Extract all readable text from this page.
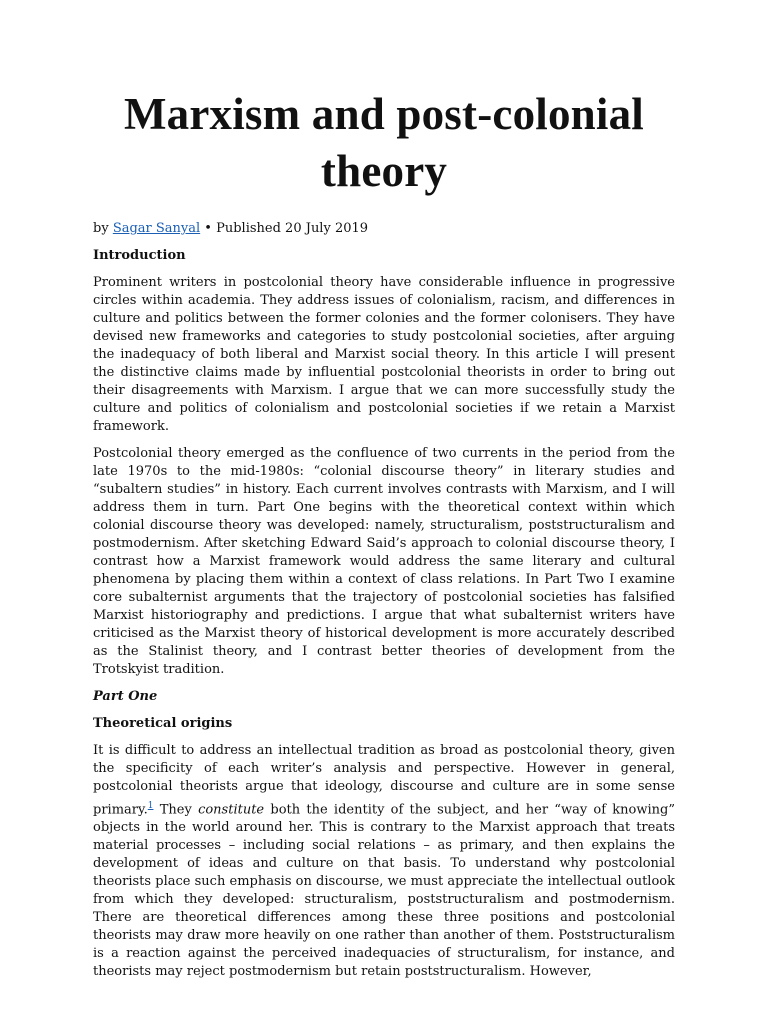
Marxism and post-colonial theory
by Sagar Sanyal • Published 20 July 2019
Introduction

Prominent writers in postcolonial theory have considerable influence in progressive circles within academia. They address issues of colonialism, racism, and differences in culture and politics between the former colonies and the former colonisers. They have devised new frameworks and categories to study postcolonial societies, after arguing the inadequacy of both liberal and Marxist social theory. In this article I will present the distinctive claims made by influential postcolonial theorists in order to bring out their disagreements with Marxism. I argue that we can more successfully study the culture and politics of colonialism and postcolonial societies if we retain a Marxist framework.

Postcolonial theory emerged as the confluence of two currents in the period from the late 1970s to the mid-1980s: “colonial discourse theory” in literary studies and “subaltern studies” in history. Each current involves contrasts with Marxism, and I will address them in turn. Part One begins with the theoretical context within which colonial discourse theory was developed: namely, structuralism, poststructuralism and postmodernism. After sketching Edward Said’s approach to colonial discourse theory, I contrast how a Marxist framework would address the same literary and cultural phenomena by placing them within a context of class relations. In Part Two I examine core subalternist arguments that the trajectory of postcolonial societies has falsified Marxist historiography and predictions. I argue that what subalternist writers have criticised as the Marxist theory of historical development is more accurately described as the Stalinist theory, and I contrast better theories of development from the Trotskyist tradition.

Part One
Theoretical origins

It is difficult to address an intellectual tradition as broad as postcolonial theory, given the specificity of each writer’s analysis and perspective. However in general, postcolonial theorists argue that ideology, discourse and culture are in some sense primary.$^1$ They constitute both the identity of the subject, and her “way of knowing” objects in the world around her. This is contrary to the Marxist approach that treats material processes – including social relations – as primary, and then explains the development of ideas and culture on that basis. To understand why postcolonial theorists place such emphasis on discourse, we must appreciate the intellectual outlook from which they developed: structuralism, poststructuralism and postmodernism. There are theoretical differences among these three positions and postcolonial theorists may draw more heavily on one rather than another of them. Poststructuralism is a reaction against the perceived inadequacies of structuralism, for instance, and theorists may reject postmodernism but retain poststructuralism. However,
